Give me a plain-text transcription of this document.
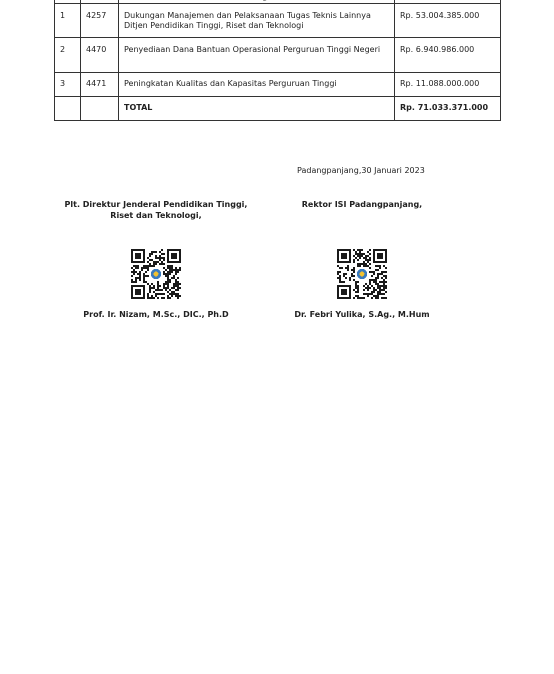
1	4257	Dukungan Manajemen dan Pelaksanaan Tugas Teknis Lainnya Ditjen Pendidikan Tinggi, Riset dan Teknologi	Rp. 53.004.385.000
2	4470	Penyediaan Dana Bantuan Operasional Perguruan Tinggi Negeri	Rp. 6.940.986.000
3	4471	Peningkatan Kualitas dan Kapasitas Perguruan Tinggi	Rp. 11.088.000.000
		TOTAL	Rp. 71.033.371.000
Padangpanjang,30 Januari 2023
Plt. Direktur Jenderal Pendidikan Tinggi,
Riset dan Teknologi,
Rektor ISI Padangpanjang,
Prof. Ir. Nizam, M.Sc., DIC., Ph.D	Dr. Febri Yulika, S.Ag., M.Hum
